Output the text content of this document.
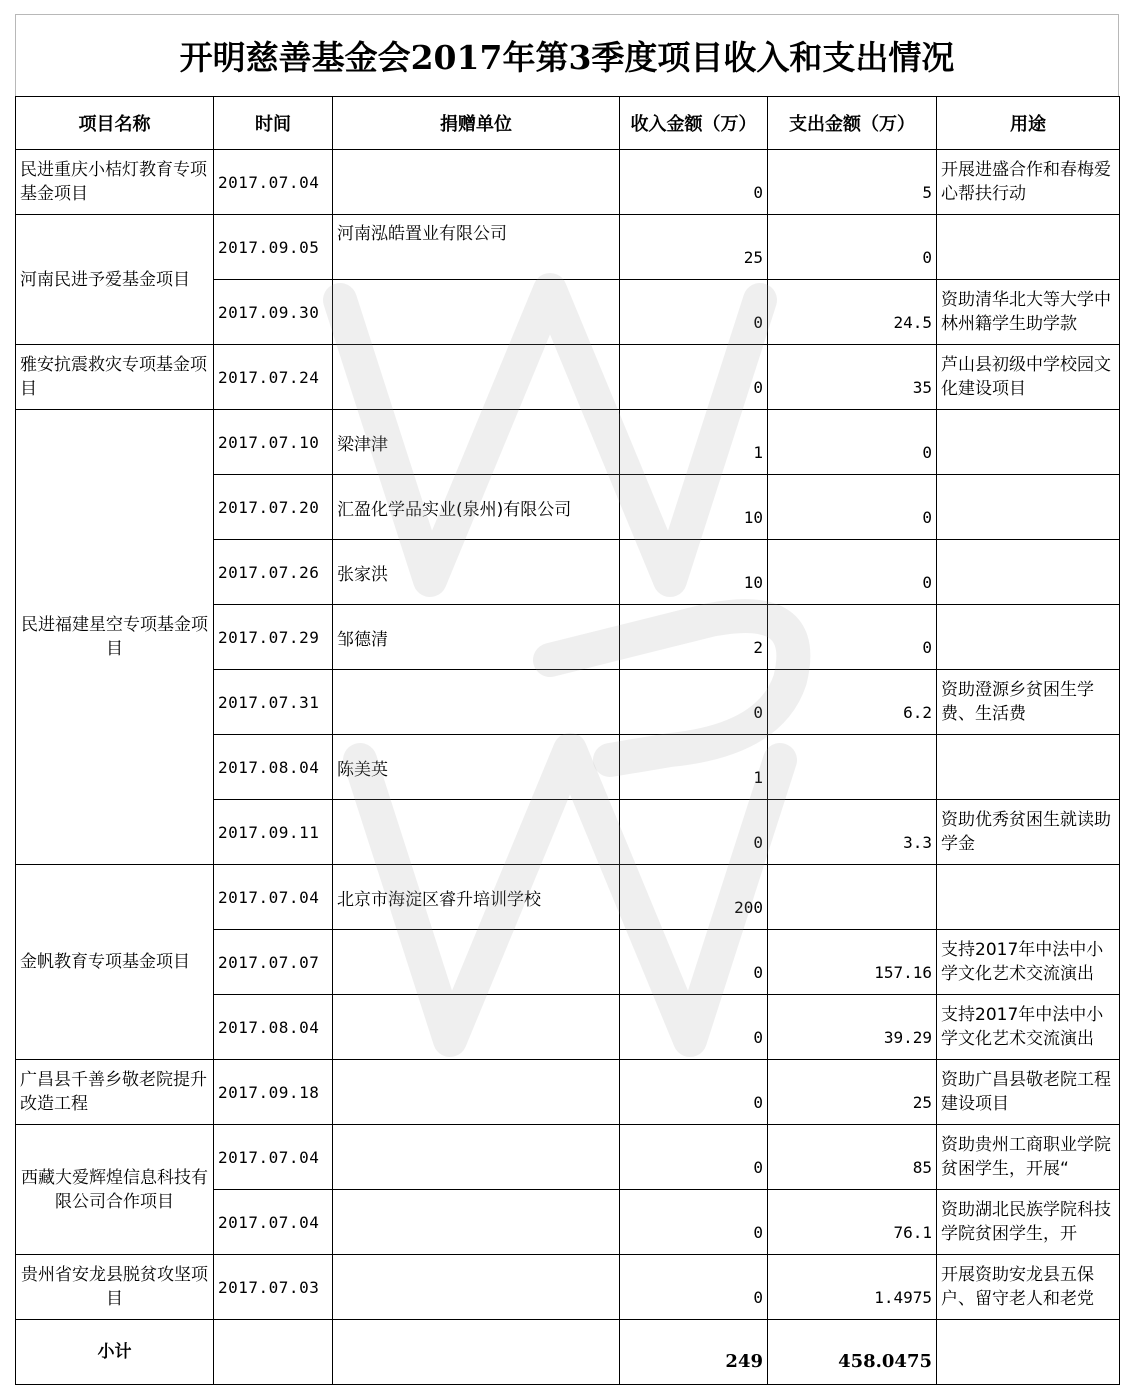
开明慈善基金会2017年第3季度项目收入和支出情况
项目名称	时间	捐赠单位	收入金额（万）	支出金额（万）	用途
民进重庆小桔灯教育专项基金项目	2017.07.04		0	5	开展进盛合作和春梅爱心帮扶行动
河南民进予爱基金项目	2017.09.05	河南泓皓置业有限公司	25	0	
	2017.09.30		0	24.5	资助清华北大等大学中林州籍学生助学款
雅安抗震救灾专项基金项目	2017.07.24		0	35	芦山县初级中学校园文化建设项目
民进福建星空专项基金项目	2017.07.10	梁津津	1	0	
	2017.07.20	汇盈化学品实业(泉州)有限公司	10	0	
	2017.07.26	张家洪	10	0	
	2017.07.29	邹德清	2	0	
	2017.07.31		0	6.2	资助澄源乡贫困生学费、生活费
	2017.08.04	陈美英	1		
	2017.09.11		0	3.3	资助优秀贫困生就读助学金
金帆教育专项基金项目	2017.07.04	北京市海淀区睿升培训学校	200		
	2017.07.07		0	157.16	支持2017年中法中小学文化艺术交流演出
	2017.08.04		0	39.29	支持2017年中法中小学文化艺术交流演出
广昌县千善乡敬老院提升改造工程	2017.09.18		0	25	资助广昌县敬老院工程建设项目
西藏大爱辉煌信息科技有限公司合作项目	2017.07.04		0	85	资助贵州工商职业学院贫困学生，开展“
	2017.07.04		0	76.1	资助湖北民族学院科技学院贫困学生，开
贵州省安龙县脱贫攻坚项目	2017.07.03		0	1.4975	开展资助安龙县五保户、留守老人和老党
小计			249	458.0475	
WPS
